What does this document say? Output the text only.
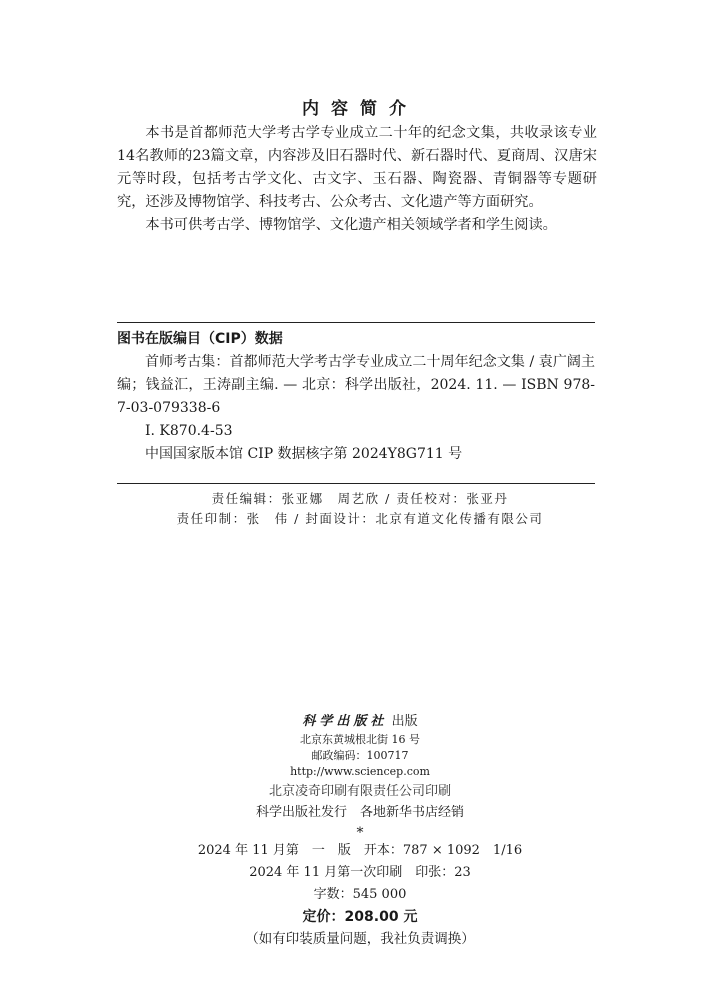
内容简介

本书是首都师范大学考古学专业成立二十年的纪念文集，共收录该专业14名教师的23篇文章，内容涉及旧石器时代、新石器时代、夏商周、汉唐宋元等时段，包括考古学文化、古文字、玉石器、陶瓷器、青铜器等专题研究，还涉及博物馆学、科技考古、公众考古、文化遗产等方面研究。

本书可供考古学、博物馆学、文化遗产相关领域学者和学生阅读。

图书在版编目（CIP）数据
首师考古集：首都师范大学考古学专业成立二十周年纪念文集 / 袁广阔主编；钱益汇，王涛副主编. — 北京：科学出版社，2024. 11. — ISBN 978-7-03-079338-6
Ⅰ. K870.4-53
中国国家版本馆 CIP 数据核字第 2024Y8G711 号
责任编辑：张亚娜　周艺欣 / 责任校对：张亚丹
责任印制：张　伟 / 封面设计：北京有道文化传播有限公司
科学出版社 出版
北京东黄城根北街 16 号
邮政编码：100717
http://www.sciencep.com
北京凌奇印刷有限责任公司印刷
科学出版社发行　各地新华书店经销
*
2024 年 11 月第　一　版　开本：787 × 1092　1/16
2024 年 11 月第一次印刷　印张：23
字数：545 000
定价：208.00 元
（如有印装质量问题，我社负责调换）
